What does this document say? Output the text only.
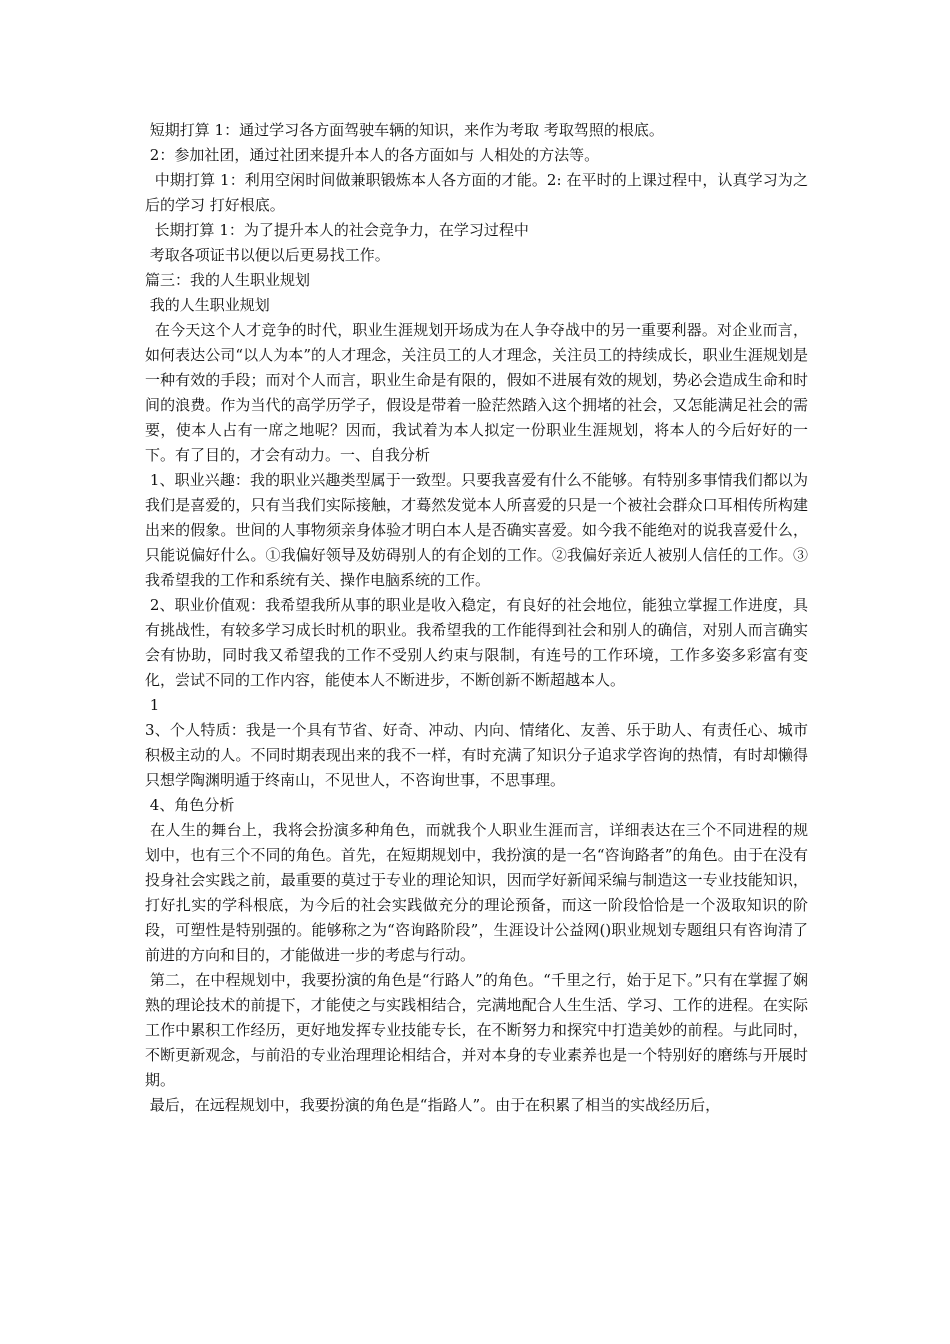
短期打算 1：通过学习各方面驾驶车辆的知识，来作为考取 考取驾照的根底。

2：参加社团，通过社团来提升本人的各方面如与 人相处的方法等。

中期打算 1：利用空闲时间做兼职锻炼本人各方面的才能。2: 在平时的上课过程中，认真学习为之后的学习 打好根底。

长期打算 1：为了提升本人的社会竞争力，在学习过程中

考取各项证书以便以后更易找工作。

篇三：我的人生职业规划

我的人生职业规划

在今天这个人才竞争的时代，职业生涯规划开场成为在人争夺战中的另一重要利器。对企业而言，如何表达公司“以人为本”的人才理念，关注员工的人才理念，关注员工的持续成长，职业生涯规划是一种有效的手段；而对个人而言，职业生命是有限的，假如不进展有效的规划，势必会造成生命和时间的浪费。作为当代的高学历学子，假设是带着一脸茫然踏入这个拥堵的社会，又怎能满足社会的需要，使本人占有一席之地呢？因而，我试着为本人拟定一份职业生涯规划，将本人的今后好好的一下。有了目的，才会有动力。一、自我分析

1、职业兴趣：我的职业兴趣类型属于一致型。只要我喜爱有什么不能够。有特别多事情我们都以为我们是喜爱的，只有当我们实际接触，才蓦然发觉本人所喜爱的只是一个被社会群众口耳相传所构建出来的假象。世间的人事物须亲身体验才明白本人是否确实喜爱。如今我不能绝对的说我喜爱什么，只能说偏好什么。①我偏好领导及妨碍别人的有企划的工作。②我偏好亲近人被别人信任的工作。③我希望我的工作和系统有关、操作电脑系统的工作。

2、职业价值观：我希望我所从事的职业是收入稳定，有良好的社会地位，能独立掌握工作进度，具有挑战性，有较多学习成长时机的职业。我希望我的工作能得到社会和别人的确信，对别人而言确实会有协助，同时我又希望我的工作不受别人约束与限制，有连号的工作环境，工作多姿多彩富有变化，尝试不同的工作内容，能使本人不断进步，不断创新不断超越本人。

1

3、个人特质：我是一个具有节省、好奇、冲动、内向、情绪化、友善、乐于助人、有责任心、城市积极主动的人。不同时期表现出来的我不一样，有时充满了知识分子追求学咨询的热情，有时却懒得只想学陶渊明遁于终南山，不见世人，不咨询世事，不思事理。

4、角色分析

在人生的舞台上，我将会扮演多种角色，而就我个人职业生涯而言，详细表达在三个不同进程的规划中，也有三个不同的角色。首先，在短期规划中，我扮演的是一名“咨询路者”的角色。由于在没有投身社会实践之前，最重要的莫过于专业的理论知识，因而学好新闻采编与制造这一专业技能知识，打好扎实的学科根底，为今后的社会实践做充分的理论预备，而这一阶段恰恰是一个汲取知识的阶段，可塑性是特别强的。能够称之为“咨询路阶段”，生涯设计公益网()职业规划专题组只有咨询清了前进的方向和目的，才能做进一步的考虑与行动。

第二，在中程规划中，我要扮演的角色是“行路人”的角色。“千里之行，始于足下。”只有在掌握了娴熟的理论技术的前提下，才能使之与实践相结合，完满地配合人生生活、学习、工作的进程。在实际工作中累积工作经历，更好地发挥专业技能专长，在不断努力和探究中打造美妙的前程。与此同时，不断更新观念，与前沿的专业治理理论相结合，并对本身的专业素养也是一个特别好的磨练与开展时期。

最后，在远程规划中，我要扮演的角色是“指路人”。由于在积累了相当的实战经历后，
